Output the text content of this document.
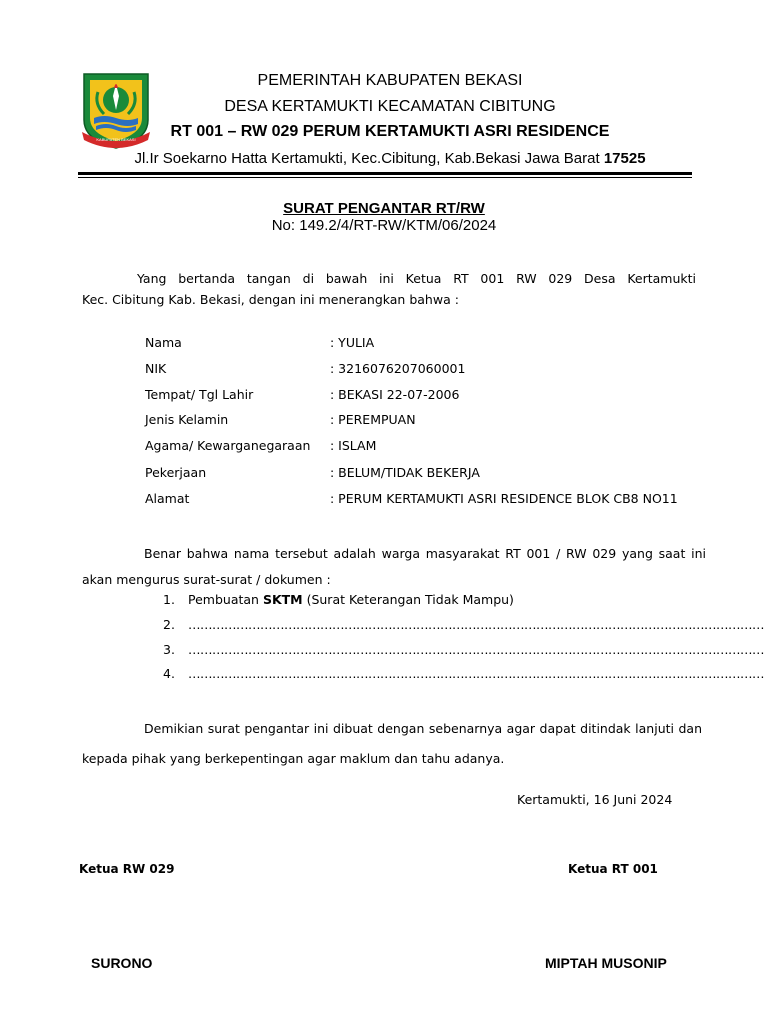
KABUPATEN BEKASI
PEMERINTAH KABUPATEN BEKASI
DESA KERTAMUKTI KECAMATAN CIBITUNG
RT 001 – RW 029 PERUM KERTAMUKTI ASRI RESIDENCE
Jl.Ir Soekarno Hatta Kertamukti, Kec.Cibitung, Kab.Bekasi Jawa Barat 17525
SURAT PENGANTAR RT/RW
No: 149.2/4/RT-RW/KTM/06/2024
Yang bertanda tangan di bawah ini Ketua RT 001 RW 029 Desa Kertamukti
Kec. Cibitung Kab. Bekasi, dengan ini menerangkan bahwa :
Nama	: YULIA
NIK	: 3216076207060001
Tempat/ Tgl Lahir	: BEKASI 22-07-2006
Jenis Kelamin	: PEREMPUAN
Agama/ Kewarganegaraan : ISLAM
Pekerjaan	: BELUM/TIDAK BEKERJA
Alamat	: PERUM KERTAMUKTI ASRI RESIDENCE BLOK CB8 NO11
Benar bahwa nama tersebut adalah warga masyarakat RT 001 / RW 029 yang saat ini
akan mengurus surat-surat / dokumen :
1. Pembuatan SKTM (Surat Keterangan Tidak Mampu)
2. ………………………………………………………………………………………………………………………………
3. ………………………………………………………………………………………………………………………………
4. ………………………………………………………………………………………………………………………………
Demikian surat pengantar ini dibuat dengan sebenarnya agar dapat ditindak lanjuti dan
kepada pihak yang berkepentingan agar maklum dan tahu adanya.
Kertamukti, 16 Juni 2024
Ketua RW 029	Ketua RT 001
SURONO	MIPTAH MUSONIP
